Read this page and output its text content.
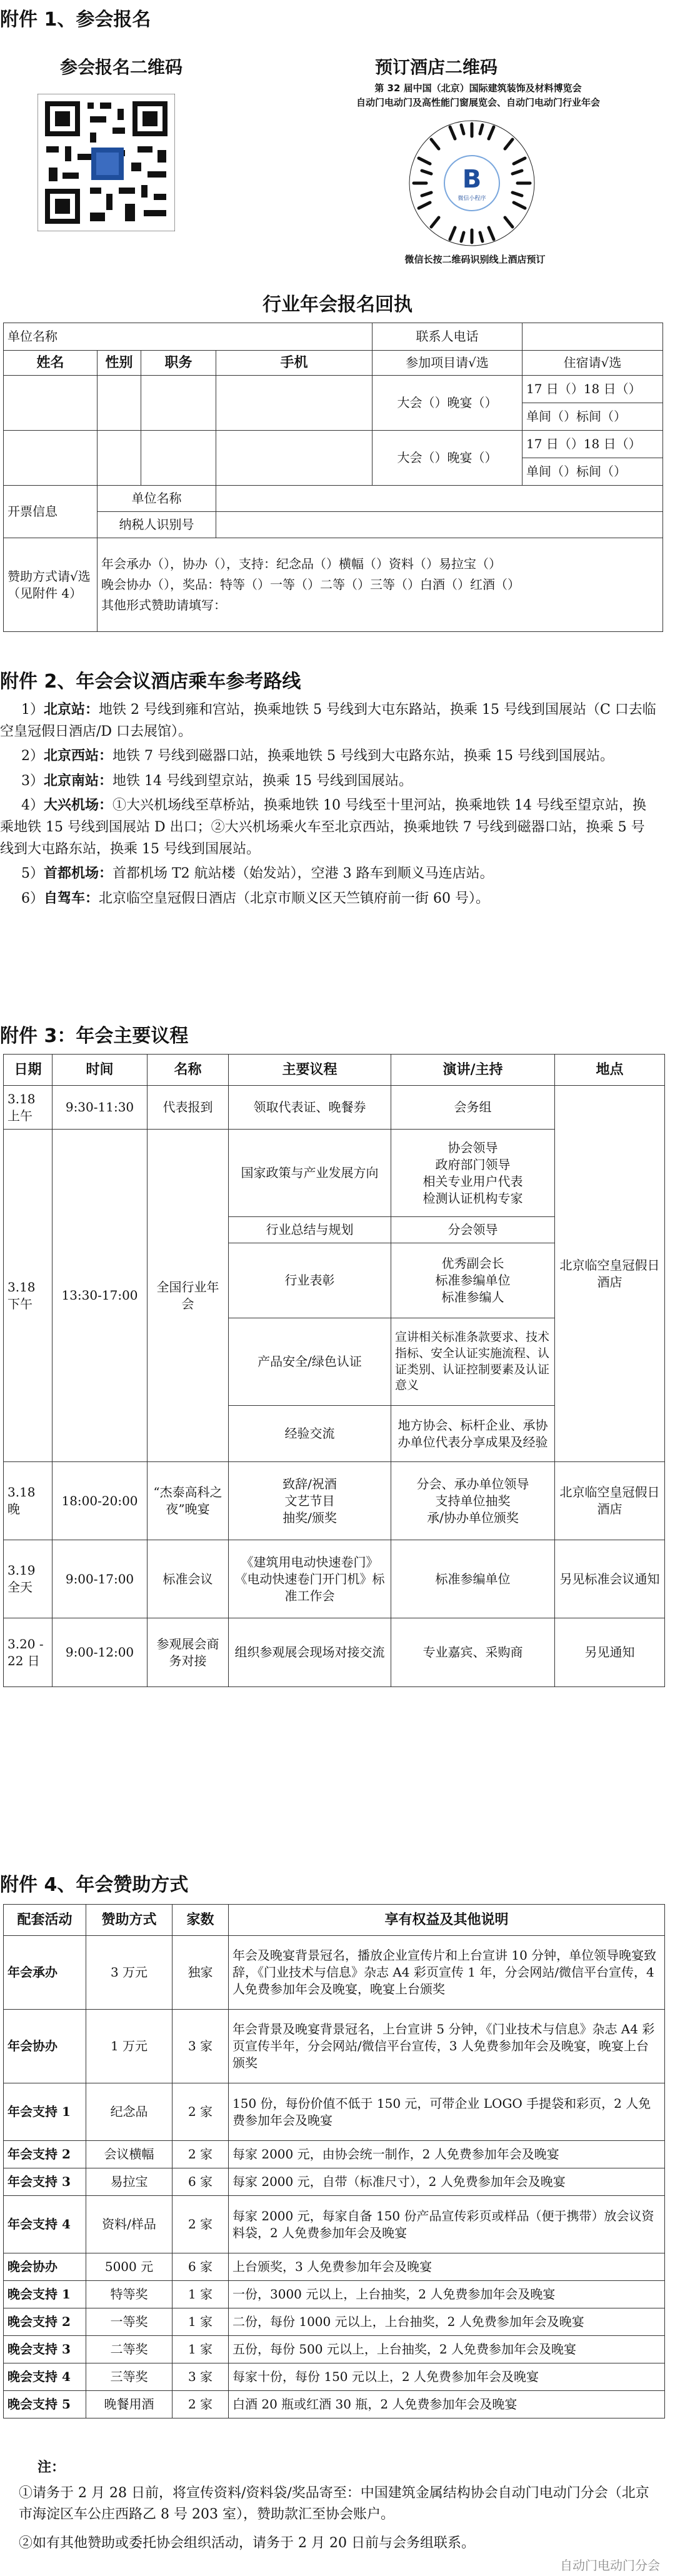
附件 1、参会报名
参会报名二维码	预订酒店二维码
第 32 届中国（北京）国际建筑装饰及材料博览会
自动门电动门及高性能门窗展览会、自动门电动门行业年会
B
微信小程序
微信长按二维码识别线上酒店预订
行业年会报名回执
单位名称				联系人电话	
姓名	性别	职务	手机	参加项目请√选	住宿请√选
				大会（）晚宴（）	17 日（）18 日（）
					单间（）标间（）
				大会（）晚宴（）	17 日（）18 日（）
					单间（）标间（）
开票信息	单位名称				
	纳税人识别号				
赞助方式请√选（见附件 4）	年会承办（），协办（），支持：纪念品（）横幅（）资料（）易拉宝（）
晚会协办（），奖品：特等（）一等（）二等（）三等（）白酒（）红酒（）
其他形式赞助请填写：				
附件 2、年会会议酒店乘车参考路线

1）北京站：地铁 2 号线到雍和宫站，换乘地铁 5 号线到大屯东路站，换乘 15 号线到国展站（C 口去临空皇冠假日酒店/D 口去展馆）。

2）北京西站：地铁 7 号线到磁器口站，换乘地铁 5 号线到大屯路东站，换乘 15 号线到国展站。

3）北京南站：地铁 14 号线到望京站，换乘 15 号线到国展站。

4）大兴机场：①大兴机场线至草桥站，换乘地铁 10 号线至十里河站，换乘地铁 14 号线至望京站，换乘地铁 15 号线到国展站 D 出口；②大兴机场乘火车至北京西站，换乘地铁 7 号线到磁器口站，换乘 5 号线到大屯路东站，换乘 15 号线到国展站。

5）首都机场：首都机场 T2 航站楼（始发站），空港 3 路车到顺义马连店站。

6）自驾车：北京临空皇冠假日酒店（北京市顺义区天竺镇府前一街 60 号）。

附件 3：年会主要议程
日期	时间	名称	主要议程	演讲/主持	地点
3.18 上午	9:30-11:30	代表报到	领取代表证、晚餐券	会务组	北京临空皇冠假日酒店
3.18 下午	13:30-17:00	全国行业年会	国家政策与产业发展方向	协会领导
政府部门领导
相关专业用户代表
检测认证机构专家	
			行业总结与规划	分会领导	
			行业表彰	优秀副会长
标准参编单位
标准参编人	
			产品安全/绿色认证	宣讲相关标准条款要求、技术指标、安全认证实施流程、认证类别、认证控制要素及认证意义	
			经验交流	地方协会、标杆企业、承协办单位代表分享成果及经验	
3.18 晚	18:00-20:00	“杰泰高科之夜”晚宴	致辞/祝酒
文艺节目
抽奖/颁奖	分会、承办单位领导
支持单位抽奖
承/协办单位颁奖	北京临空皇冠假日酒店
3.19 全天	9:00-17:00	标准会议	《建筑用电动快速卷门》《电动快速卷门开门机》标准工作会	标准参编单位	另见标准会议通知
3.20 -22 日	9:00-12:00	参观展会商务对接	组织参观展会现场对接交流	专业嘉宾、采购商	另见通知
附件 4、年会赞助方式
配套活动	赞助方式	家数	享有权益及其他说明
年会承办	3 万元	独家	年会及晚宴背景冠名，播放企业宣传片和上台宣讲 10 分钟，单位领导晚宴致辞，《门业技术与信息》杂志 A4 彩页宣传 1 年，分会网站/微信平台宣传，4 人免费参加年会及晚宴，晚宴上台颁奖
年会协办	1 万元	3 家	年会背景及晚宴背景冠名，上台宣讲 5 分钟，《门业技术与信息》杂志 A4 彩页宣传半年，分会网站/微信平台宣传，3 人免费参加年会及晚宴，晚宴上台颁奖
年会支持 1	纪念品	2 家	150 份，每份价值不低于 150 元，可带企业 LOGO 手提袋和彩页，2 人免费参加年会及晚宴
年会支持 2	会议横幅	2 家	每家 2000 元，由协会统一制作，2 人免费参加年会及晚宴
年会支持 3	易拉宝	6 家	每家 2000 元，自带（标准尺寸），2 人免费参加年会及晚宴
年会支持 4	资料/样品	2 家	每家 2000 元，每家自备 150 份产品宣传彩页或样品（便于携带）放会议资料袋，2 人免费参加年会及晚宴
晚会协办	5000 元	6 家	上台颁奖，3 人免费参加年会及晚宴
晚会支持 1	特等奖	1 家	一份，3000 元以上，上台抽奖，2 人免费参加年会及晚宴
晚会支持 2	一等奖	1 家	二份，每份 1000 元以上，上台抽奖，2 人免费参加年会及晚宴
晚会支持 3	二等奖	1 家	五份，每份 500 元以上，上台抽奖，2 人免费参加年会及晚宴
晚会支持 4	三等奖	3 家	每家十份，每份 150 元以上，2 人免费参加年会及晚宴
晚会支持 5	晚餐用酒	2 家	白酒 20 瓶或红酒 30 瓶，2 人免费参加年会及晚宴
注：
①请务于 2 月 28 日前，将宣传资料/资料袋/奖品寄至：中国建筑金属结构协会自动门电动门分会（北京市海淀区车公庄西路乙 8 号 203 室），赞助款汇至协会账户。
②如有其他赞助或委托协会组织活动，请务于 2 月 20 日前与会务组联系。
自动门电动门分会
